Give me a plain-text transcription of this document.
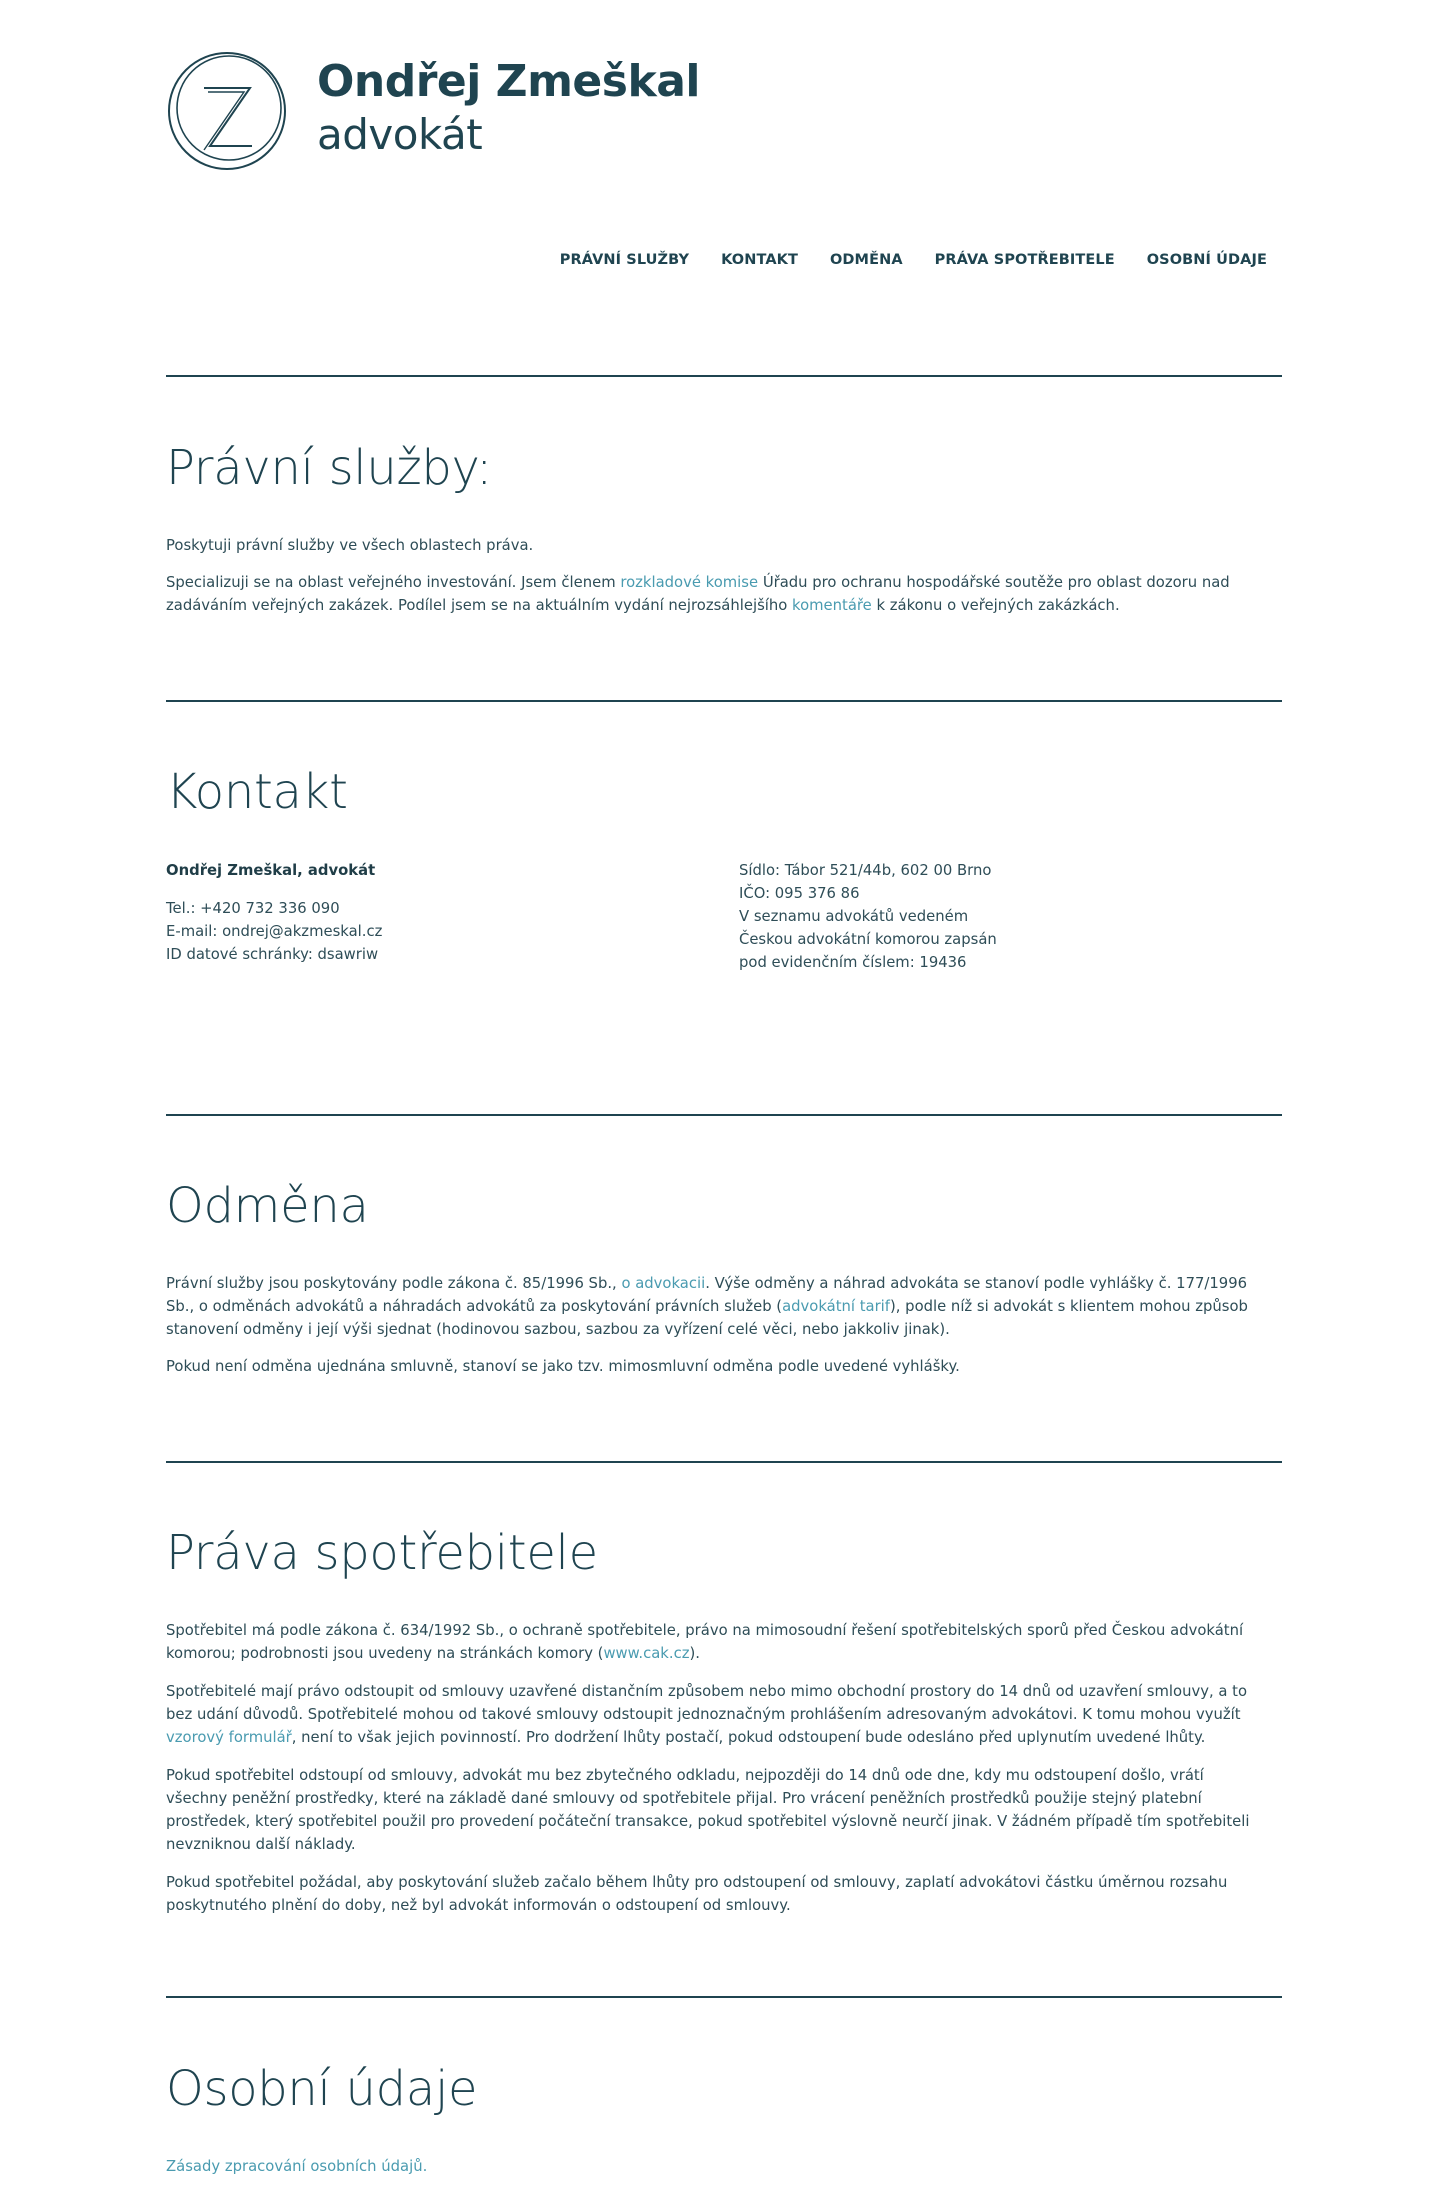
Ondřej Zmeškal
advokát
PRÁVNÍ SLUŽBY KONTAKT ODMĚNA PRÁVA SPOTŘEBITELE OSOBNÍ ÚDAJE
Právní služby:

Poskytuji právní služby ve všech oblastech práva.

Specializuji se na oblast veřejného investování. Jsem členem rozkladové komise Úřadu pro ochranu hospodářské soutěže pro oblast dozoru nad zadáváním veřejných zakázek. Podílel jsem se na aktuálním vydání nejrozsáhlejšího komentáře k zákonu o veřejných zakázkách.

Kontakt
Ondřej Zmeškal, advokát

Tel.: +420 732 336 090
E-mail: ondrej@akzmeskal.cz
ID datové schránky: dsawriw
Sídlo: Tábor 521/44b, 602 00 Brno
IČO: 095 376 86
V seznamu advokátů vedeném
Českou advokátní komorou zapsán
pod evidenčním číslem: 19436
Odměna

Právní služby jsou poskytovány podle zákona č. 85/1996 Sb., o advokacii. Výše odměny a náhrad advokáta se stanoví podle vyhlášky č. 177/1996 Sb., o odměnách advokátů a náhradách advokátů za poskytování právních služeb (advokátní tarif), podle níž si advokát s klientem mohou způsob stanovení odměny i její výši sjednat (hodinovou sazbou, sazbou za vyřízení celé věci, nebo jakkoliv jinak).

Pokud není odměna ujednána smluvně, stanoví se jako tzv. mimosmluvní odměna podle uvedené vyhlášky.

Práva spotřebitele

Spotřebitel má podle zákona č. 634/1992 Sb., o ochraně spotřebitele, právo na mimosoudní řešení spotřebitelských sporů před Českou advokátní komorou; podrobnosti jsou uvedeny na stránkách komory (www.cak.cz).

Spotřebitelé mají právo odstoupit od smlouvy uzavřené distančním způsobem nebo mimo obchodní prostory do 14 dnů od uzavření smlouvy, a to bez udání důvodů. Spotřebitelé mohou od takové smlouvy odstoupit jednoznačným prohlášením adresovaným advokátovi. K tomu mohou využít vzorový formulář, není to však jejich povinností. Pro dodržení lhůty postačí, pokud odstoupení bude odesláno před uplynutím uvedené lhůty.

Pokud spotřebitel odstoupí od smlouvy, advokát mu bez zbytečného odkladu, nejpozději do 14 dnů ode dne, kdy mu odstoupení došlo, vrátí všechny peněžní prostředky, které na základě dané smlouvy od spotřebitele přijal. Pro vrácení peněžních prostředků použije stejný platební prostředek, který spotřebitel použil pro provedení počáteční transakce, pokud spotřebitel výslovně neurčí jinak. V žádném případě tím spotřebiteli nevzniknou další náklady.

Pokud spotřebitel požádal, aby poskytování služeb začalo během lhůty pro odstoupení od smlouvy, zaplatí advokátovi částku úměrnou rozsahu poskytnutého plnění do doby, než byl advokát informován o odstoupení od smlouvy.

Osobní údaje

Zásady zpracování osobních údajů.
